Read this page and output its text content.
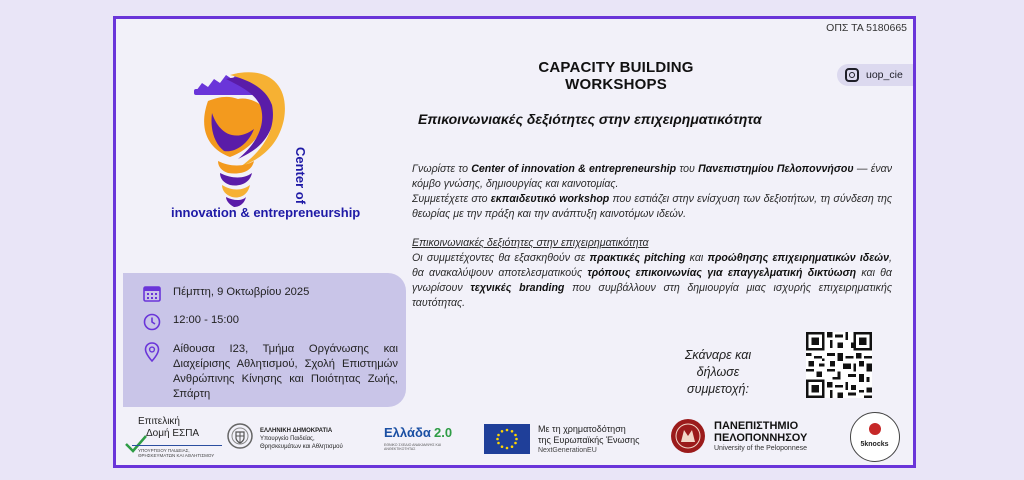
ΟΠΣ ΤΑ 5180665
uop_cie
Center of
innovation & entrepreneurship
CAPACITY BUILDING
WORKSHOPS
Επικοινωνιακές δεξιότητες στην επιχειρηματικότητα

Γνωρίστε το Center of innovation & entrepreneurship του Πανεπιστημίου Πελοποννήσου — έναν κόμβο γνώσης, δημιουργίας και καινοτομίας.

Συμμετέχετε στο εκπαιδευτικό workshop που εστιάζει στην ενίσχυση των δεξιοτήτων, τη σύνδεση της θεωρίας με την πράξη και την ανάπτυξη καινοτόμων ιδεών.

Επικοινωνιακές δεξιότητες στην επιχειρηματικότητα

Οι συμμετέχοντες θα εξασκηθούν σε πρακτικές pitching και προώθησης επιχειρηματικών ιδεών, θα ανακαλύψουν αποτελεσματικούς τρόπους επικοινωνίας για επαγγελματική δικτύωση και θα γνωρίσουν τεχνικές branding που συμβάλλουν στη δημιουργία μιας ισχυρής επιχειρηματικής ταυτότητας.

Πέμπτη, 9 Οκτωβρίου 2025
12:00 - 15:00
Αίθουσα Ι23, Τμήμα Οργάνωσης και Διαχείρισης Αθλητισμού, Σχολή Επιστημών Ανθρώπινης Κίνησης και Ποιότητας Ζωής, Σπάρτη
Σκάναρε και δήλωσε συμμετοχή:
Επιτελική
Δομή ΕΣΠΑ
ΥΠΟΥΡΓΕΙΟΥ ΠΑΙΔΕΙΑΣ, ΘΡΗΣΚΕΥΜΑΤΩΝ ΚΑΙ ΑΘΛΗΤΙΣΜΟΥ
ΕΛΛΗΝΙΚΗ ΔΗΜΟΚΡΑΤΙΑ
Υπουργείο Παιδείας, Θρησκευμάτων και Αθλητισμού
Ελλάδα 2.0
ΕΘΝΙΚΟ ΣΧΕΔΙΟ ΑΝΑΚΑΜΨΗΣ ΚΑΙ ΑΝΘΕΚΤΙΚΟΤΗΤΑΣ
Με τη χρηματοδότηση
της Ευρωπαϊκής Ένωσης
NextGenerationEU
ΠΑΝΕΠΙΣΤΗΜΙΟ
ΠΕΛΟΠΟΝΝΗΣΟΥ
University of the Peloponnese
5knocks
